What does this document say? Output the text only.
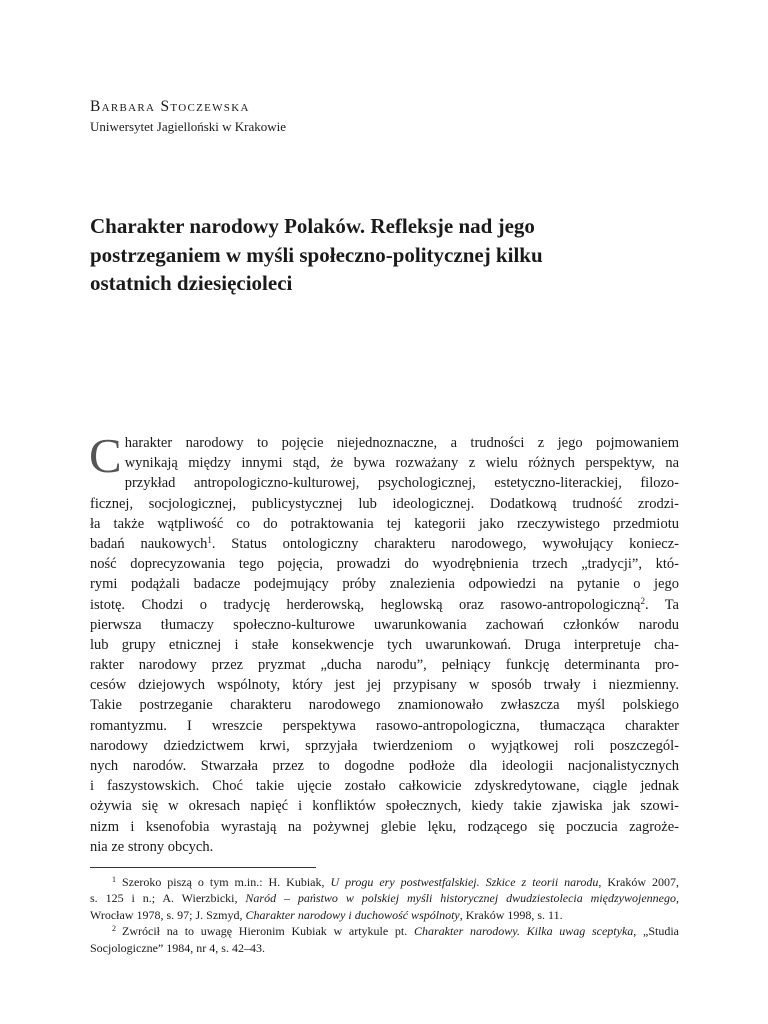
Barbara Stoczewska
Uniwersytet Jagielloński w Krakowie
Charakter narodowy Polaków. Refleksje nad jego
postrzeganiem w myśli społeczno-politycznej kilku
ostatnich dziesięcioleci
C harakter narodowy to pojęcie niejednoznaczne, a trudności z jego pojmowaniem
wynikają między innymi stąd, że bywa rozważany z wielu różnych perspektyw, na
przykład antropologiczno-kulturowej, psychologicznej, estetyczno-literackiej, filozo-
ficznej, socjologicznej, publicystycznej lub ideologicznej. Dodatkową trudność zrodzi-
ła także wątpliwość co do potraktowania tej kategorii jako rzeczywistego przedmiotu
badań naukowych$^1$. Status ontologiczny charakteru narodowego, wywołujący koniecz-
ność doprecyzowania tego pojęcia, prowadzi do wyodrębnienia trzech „tradycji”, któ-
rymi podążali badacze podejmujący próby znalezienia odpowiedzi na pytanie o jego
istotę. Chodzi o tradycję herderowską, heglowską oraz rasowo-antropologiczną$^2$. Ta
pierwsza tłumaczy społeczno-kulturowe uwarunkowania zachowań członków narodu
lub grupy etnicznej i stałe konsekwencje tych uwarunkowań. Druga interpretuje cha-
rakter narodowy przez pryzmat „ducha narodu”, pełniący funkcję determinanta pro-
cesów dziejowych wspólnoty, który jest jej przypisany w sposób trwały i niezmienny.
Takie postrzeganie charakteru narodowego znamionowało zwłaszcza myśl polskiego
romantyzmu. I wreszcie perspektywa rasowo-antropologiczna, tłumacząca charakter
narodowy dziedzictwem krwi, sprzyjała twierdzeniom o wyjątkowej roli poszczegól-
nych narodów. Stwarzała przez to dogodne podłoże dla ideologii nacjonalistycznych
i faszystowskich. Choć takie ujęcie zostało całkowicie zdyskredytowane, ciągle jednak
ożywia się w okresach napięć i konfliktów społecznych, kiedy takie zjawiska jak szowi-
nizm i ksenofobia wyrastają na pożywnej glebie lęku, rodzącego się poczucia zagroże-
nia ze strony obcych.
$^1$ Szeroko piszą o tym m.in.: H. Kubiak, U progu ery postwestfalskiej. Szkice z teorii narodu, Kraków 2007,
s. 125 i n.; A. Wierzbicki, Naród – państwo w polskiej myśli historycznej dwudziestolecia międzywojennego,
Wrocław 1978, s. 97; J. Szmyd, Charakter narodowy i duchowość wspólnoty, Kraków 1998, s. 11.
$^2$ Zwrócił na to uwagę Hieronim Kubiak w artykule pt. Charakter narodowy. Kilka uwag sceptyka, „Studia
Socjologiczne” 1984, nr 4, s. 42–43.
